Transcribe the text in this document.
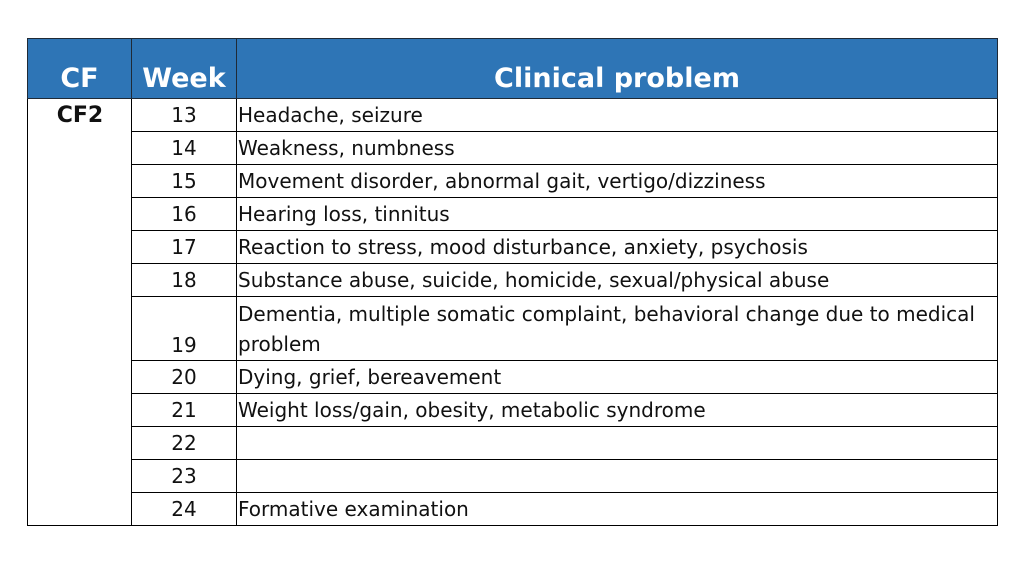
CF	Week	Clinical problem
CF2	13	Headache, seizure
	14	Weakness, numbness
	15	Movement disorder, abnormal gait, vertigo/dizziness
	16	Hearing loss, tinnitus
	17	Reaction to stress, mood disturbance, anxiety, psychosis
	18	Substance abuse, suicide, homicide, sexual/physical abuse
	19	Dementia, multiple somatic complaint, behavioral change due to medical problem
	20	Dying, grief, bereavement
	21	Weight loss/gain, obesity, metabolic syndrome
	22	
	23	
	24	Formative examination
